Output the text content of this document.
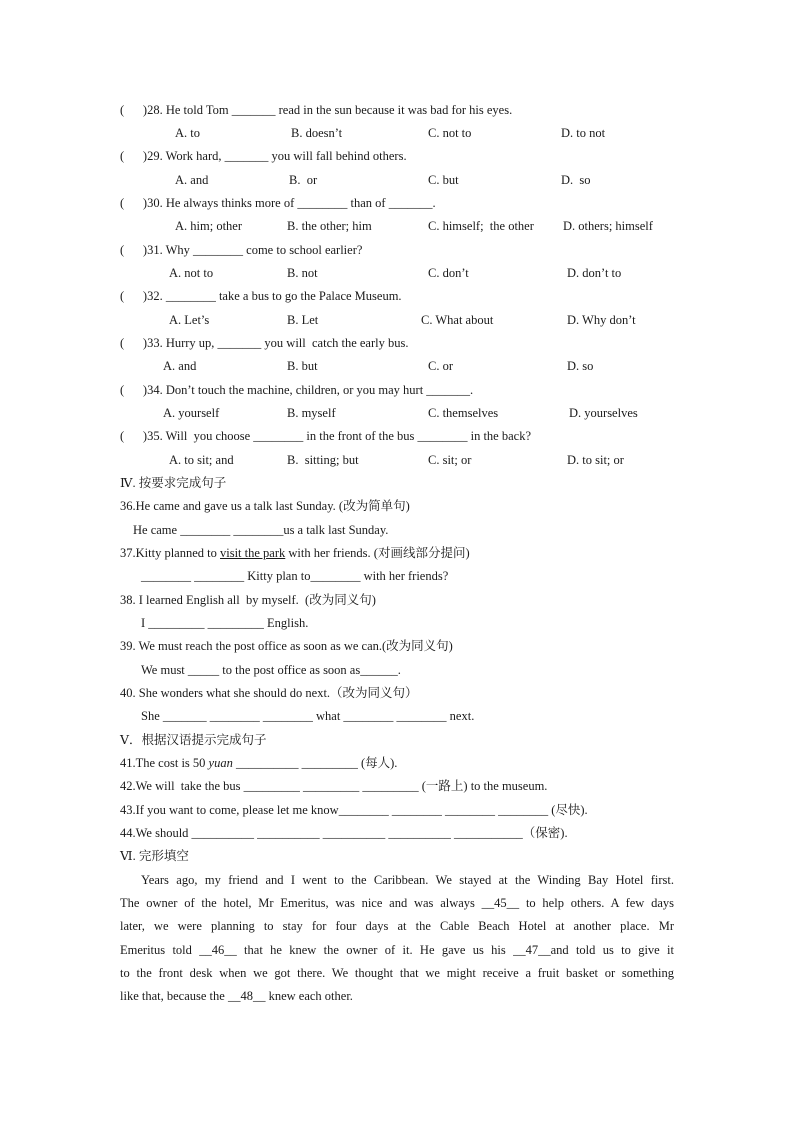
(      )28. He told Tom _______ read in the sun because it was bad for his eyes.
A. to	B. doesn’t	C. not to	D. to not
(      )29. Work hard, _______ you will fall behind others.
A. and	B.  or	C. but	D.  so
(      )30. He always thinks more of ________ than of _______.
A. him; other	B. the other; him	C. himself;  the other D. others; himself
(      )31. Why ________ come to school earlier?
A. not to	B. not	C. don’t	D. don’t to
(      )32. ________ take a bus to go the Palace Museum.
A. Let’s	B. Let	C. What about	D. Why don’t
(      )33. Hurry up, _______ you will  catch the early bus.
A. and	B. but	C. or	D. so
(      )34. Don’t touch the machine, children, or you may hurt _______.
A. yourself	B. myself	C. themselves	D. yourselves
(      )35. Will  you choose ________ in the front of the bus ________ in the back?
A. to sit; and	B.  sitting; but	C. sit; or	D. to sit; or
Ⅳ. 按要求完成句子
36.He came and gave us a talk last Sunday. (改为简单句)
He came ________ ________us a talk last Sunday.
37.Kitty planned to visit the park with her friends. (对画线部分提问)
________ ________ Kitty plan to________ with her friends?
38. I learned English all  by myself.  (改为同义句)
I _________ _________ English.
39. We must reach the post office as soon as we can.(改为同义句)
We must _____ to the post office as soon as______.
40. She wonders what she should do next.（改为同义句）
She _______ ________ ________ what ________ ________ next.
Ⅴ．根据汉语提示完成句子
41.The cost is 50 yuan __________ _________ (每人).
42.We will  take the bus _________ _________ _________ (一路上) to the museum.
43.If you want to come, please let me know________ ________ ________ ________ (尽快).
44.We should __________ __________ __________ __________ ___________（保密).
Ⅵ. 完形填空
Years ago, my friend and I went to the Caribbean. We stayed at the Winding Bay Hotel first.
The owner of the hotel, Mr Emeritus, was nice and was always __45__ to help others. A few days
later, we were planning to stay for four days at the Cable Beach Hotel at another place. Mr
Emeritus told __46__ that he knew the owner of it. He gave us his __47__and told us to give it
to the front desk when we got there. We thought that we might receive a fruit basket or something
like that, because the __48__ knew each other.
